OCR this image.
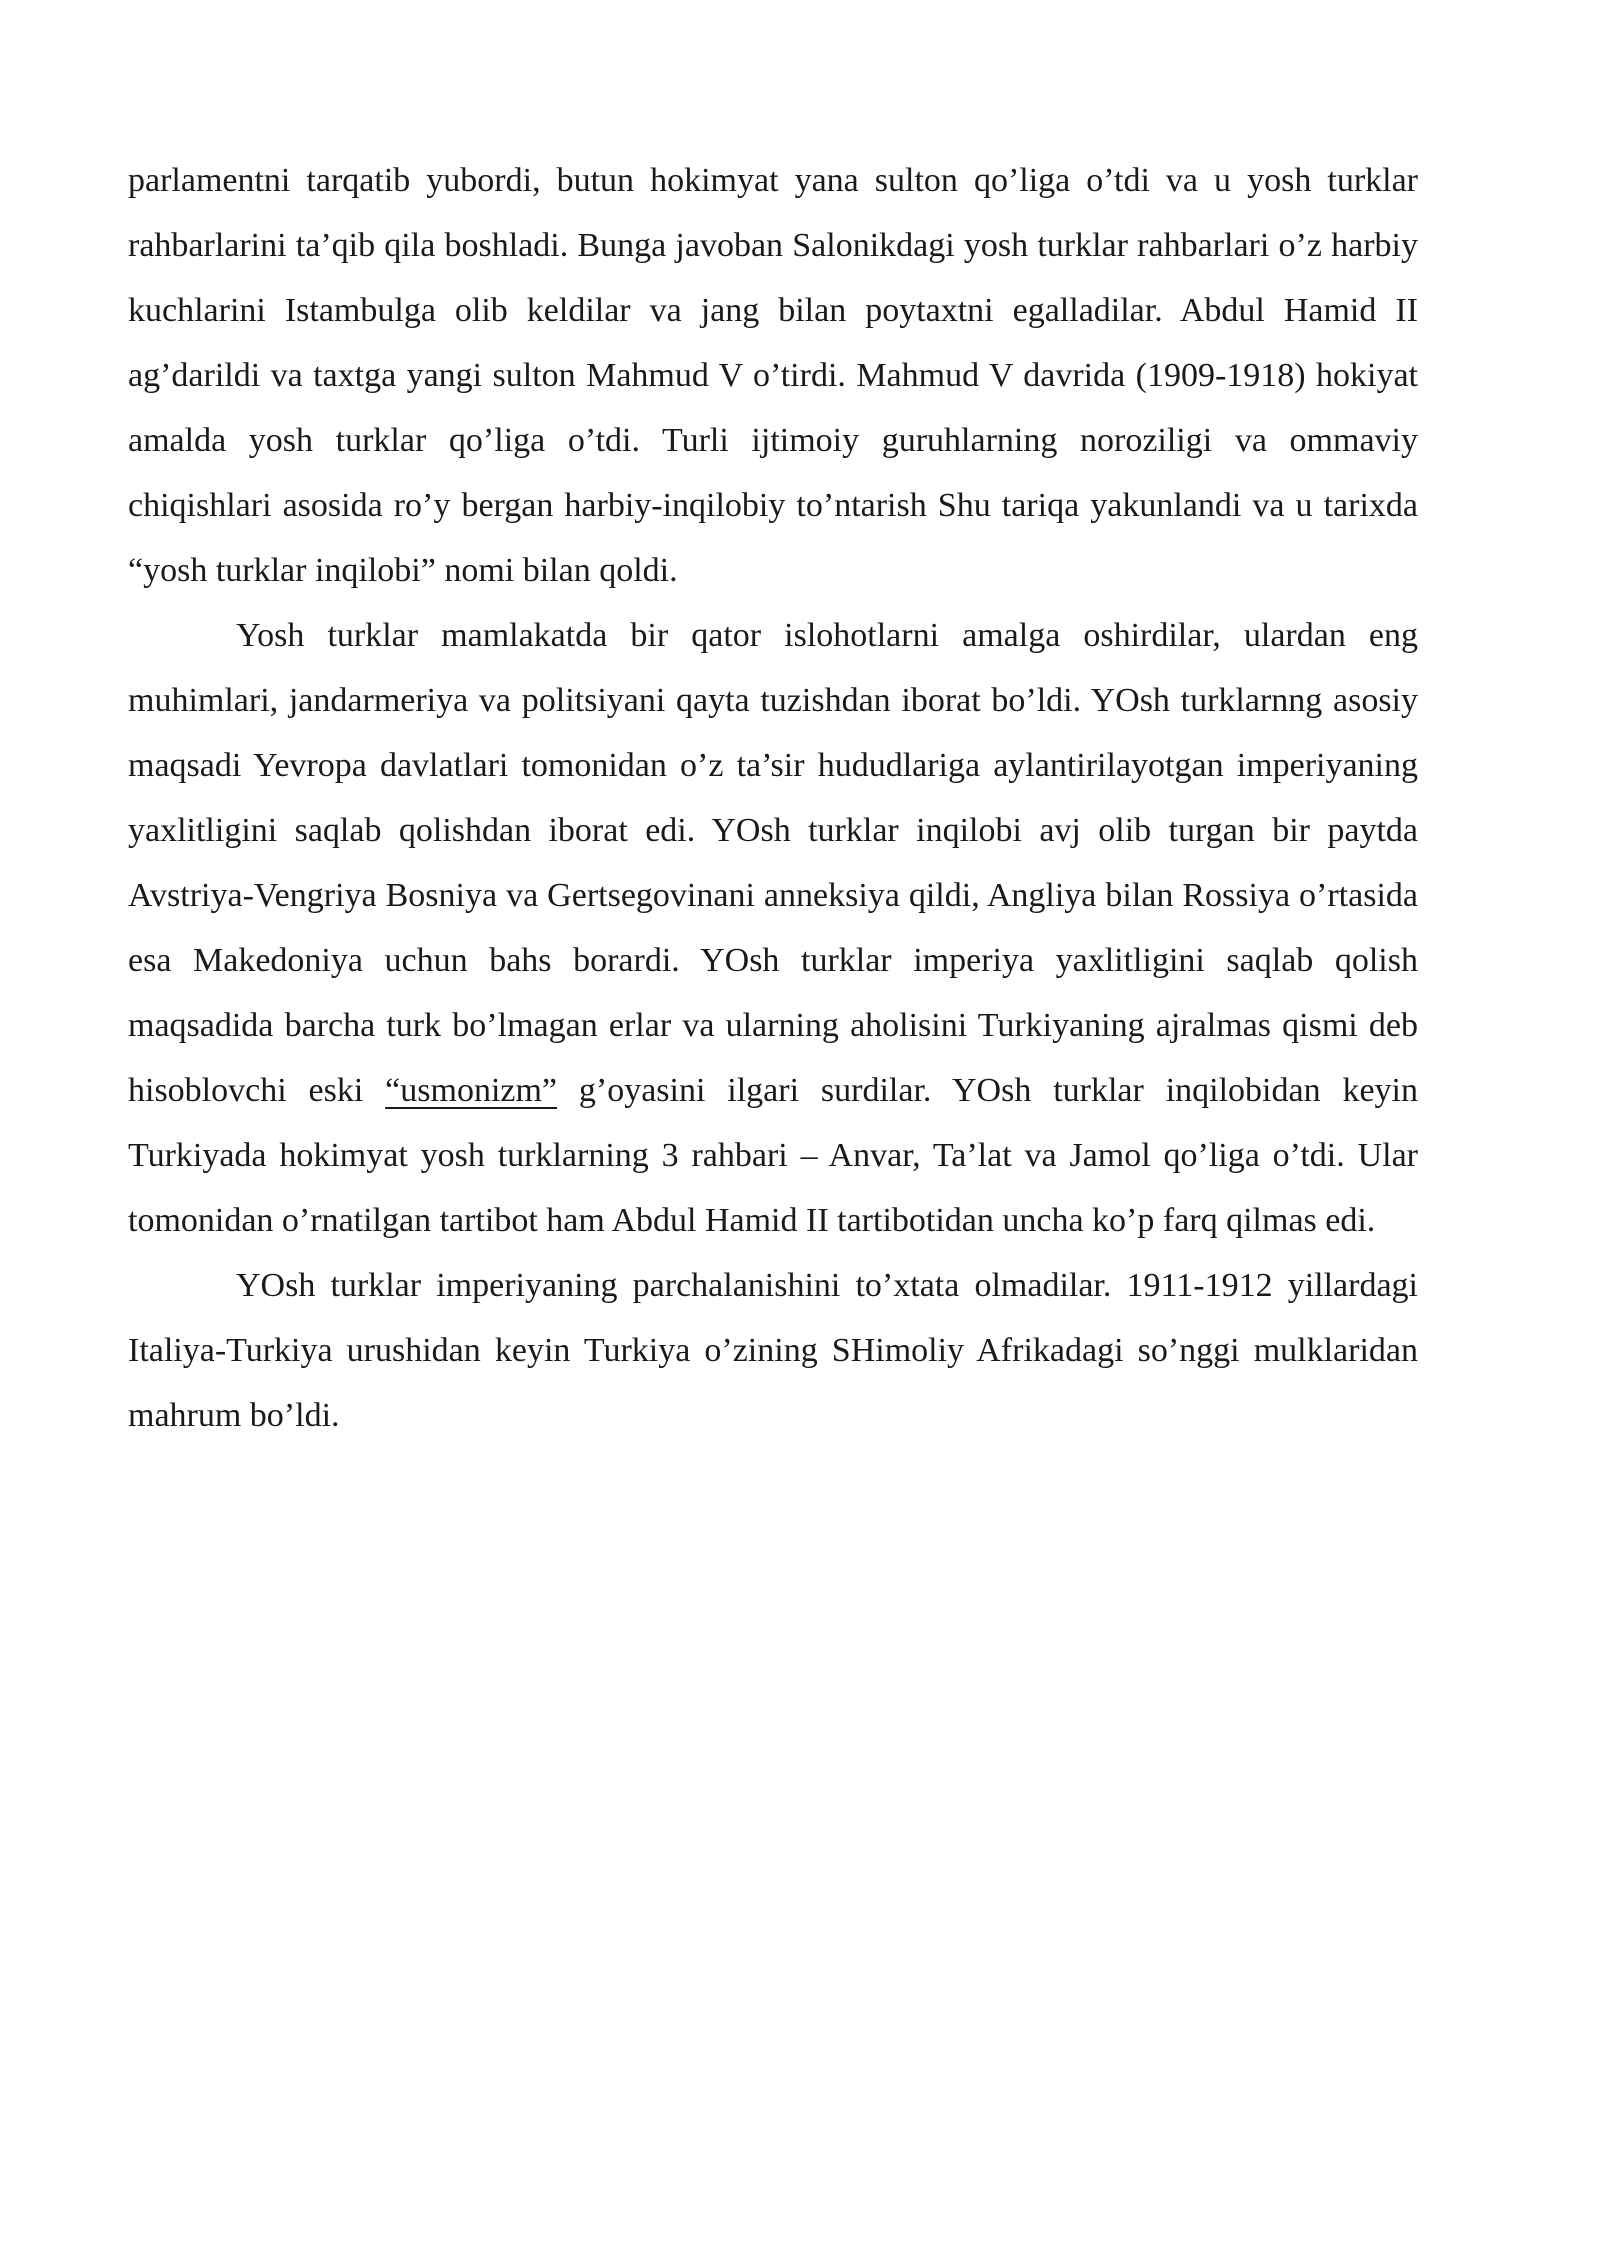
parlamentni tarqatib yubordi, butun hokimyat yana sulton qo’liga o’tdi va u yosh turklar rahbarlarini ta’qib qila boshladi. Bunga javoban Salonikdagi yosh turklar rahbarlari o’z harbiy kuchlarini Istambulga olib keldilar va jang bilan poytaxtni egalladilar. Abdul Hamid II ag’darildi va taxtga yangi sulton Mahmud V o’tirdi. Mahmud V davrida (1909-1918) hokiyat amalda yosh turklar qo’liga o’tdi. Turli ijtimoiy guruhlarning noroziligi va ommaviy chiqishlari asosida ro’y bergan harbiy-inqilobiy to’ntarish Shu tariqa yakunlandi va u tarixda “yosh turklar inqilobi” nomi bilan qoldi.

Yosh turklar mamlakatda bir qator islohotlarni amalga oshirdilar, ulardan eng muhimlari, jandarmeriya va politsiyani qayta tuzishdan iborat bo’ldi. YOsh turklarnng asosiy maqsadi Yevropa davlatlari tomonidan o’z ta’sir hududlariga aylantirilayotgan imperiyaning yaxlitligini saqlab qolishdan iborat edi. YOsh turklar inqilobi avj olib turgan bir paytda Avstriya-Vengriya Bosniya va Gertsegovinani anneksiya qildi, Angliya bilan Rossiya o’rtasida esa Makedoniya uchun bahs borardi. YOsh turklar imperiya yaxlitligini saqlab qolish maqsadida barcha turk bo’lmagan erlar va ularning aholisini Turkiyaning ajralmas qismi deb hisoblovchi eski “usmonizm” g’oyasini ilgari surdilar. YOsh turklar inqilobidan keyin Turkiyada hokimyat yosh turklarning 3 rahbari – Anvar, Ta’lat va Jamol qo’liga o’tdi. Ular tomonidan o’rnatilgan tartibot ham Abdul Hamid II tartibotidan uncha ko’p farq qilmas edi.

YOsh turklar imperiyaning parchalanishini to’xtata olmadilar. 1911-1912 yillardagi Italiya-Turkiya urushidan keyin Turkiya o’zining SHimoliy Afrikadagi so’nggi mulklaridan mahrum bo’ldi.
